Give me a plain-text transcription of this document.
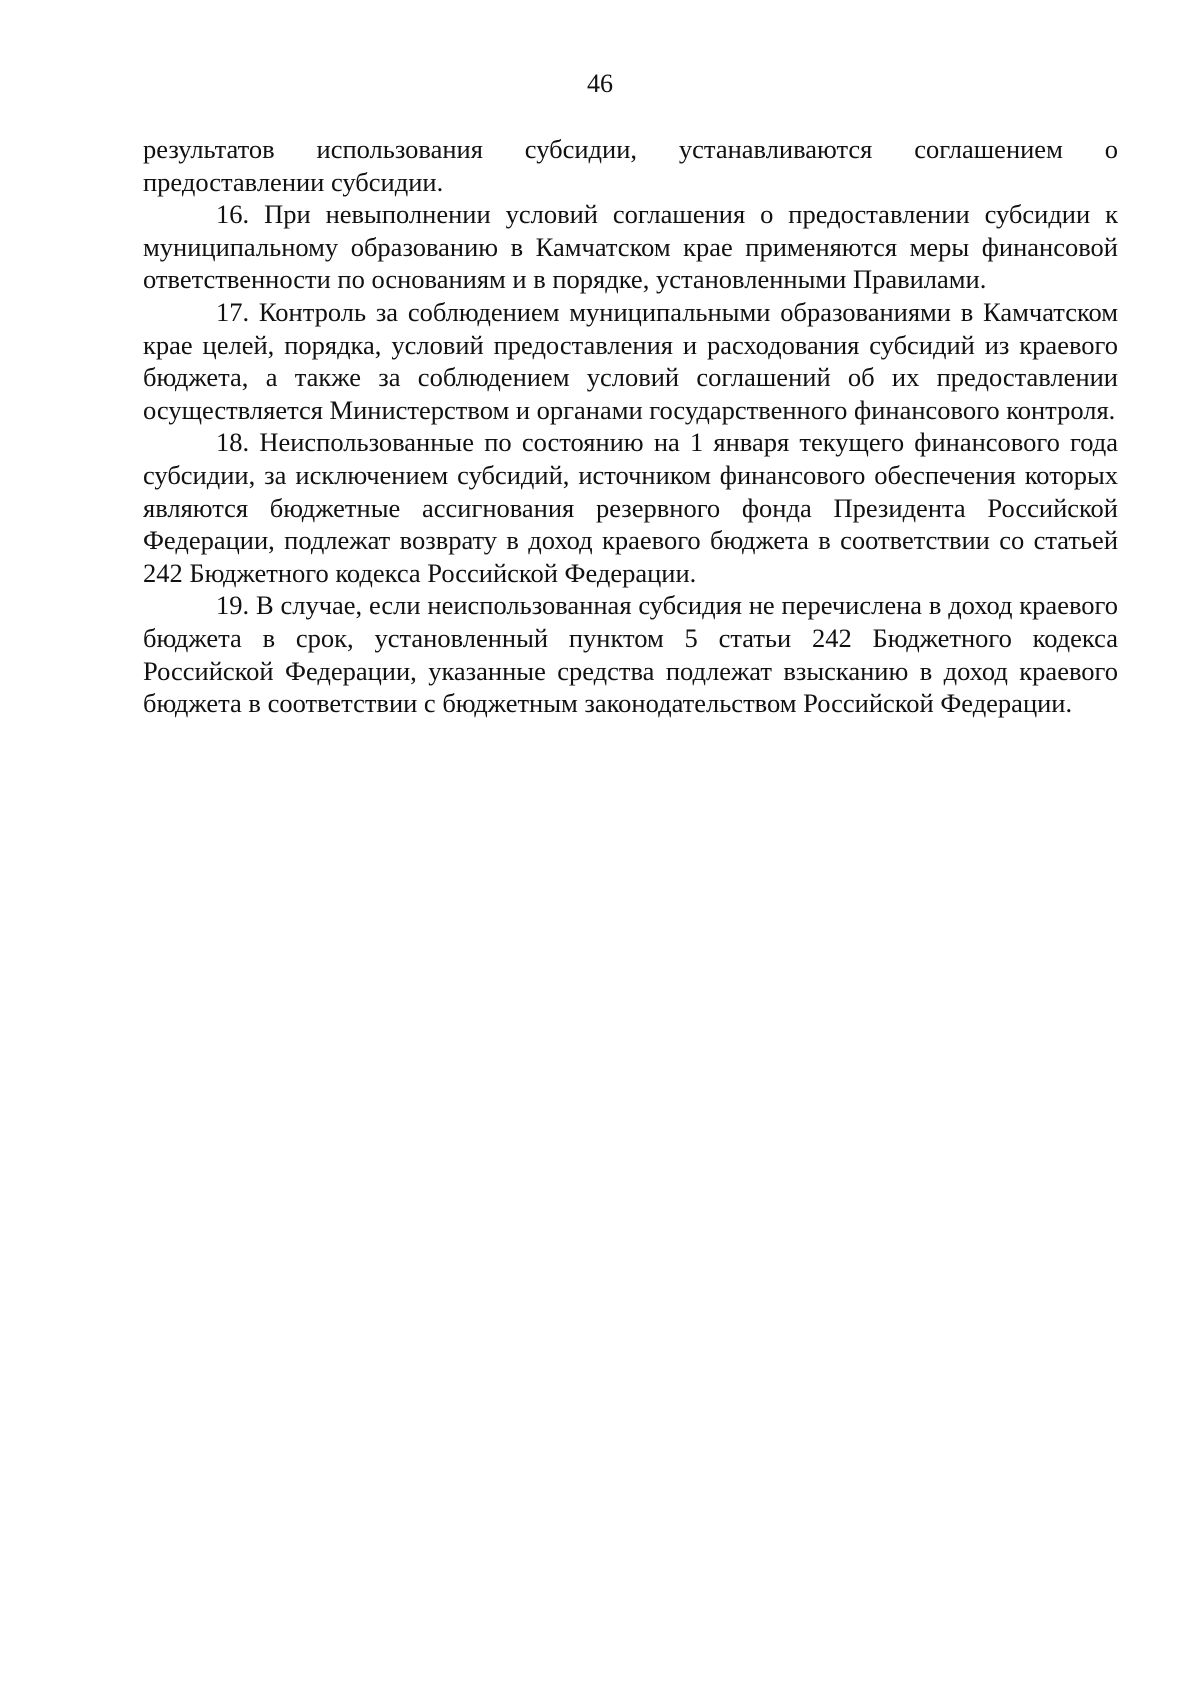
46

результатов использования субсидии, устанавливаются соглашением о предоставлении субсидии.

16. При невыполнении условий соглашения о предоставлении субсидии к муниципальному образованию в Камчатском крае применяются меры финансовой ответственности по основаниям и в порядке, установленными Правилами.

17. Контроль за соблюдением муниципальными образованиями в Камчатском крае целей, порядка, условий предоставления и расходования субсидий из краевого бюджета, а также за соблюдением условий соглашений об их предоставлении осуществляется Министерством и органами государственного финансового контроля.

18. Неиспользованные по состоянию на 1 января текущего финансового года субсидии, за исключением субсидий, источником финансового обеспечения которых являются бюджетные ассигнования резервного фонда Президента Российской Федерации, подлежат возврату в доход краевого бюджета в соответствии со статьей 242 Бюджетного кодекса Российской Федерации.

19. В случае, если неиспользованная субсидия не перечислена в доход краевого бюджета в срок, установленный пунктом 5 статьи 242 Бюджетного кодекса Российской Федерации, указанные средства подлежат взысканию в доход краевого бюджета в соответствии с бюджетным законодательством Российской Федерации.
